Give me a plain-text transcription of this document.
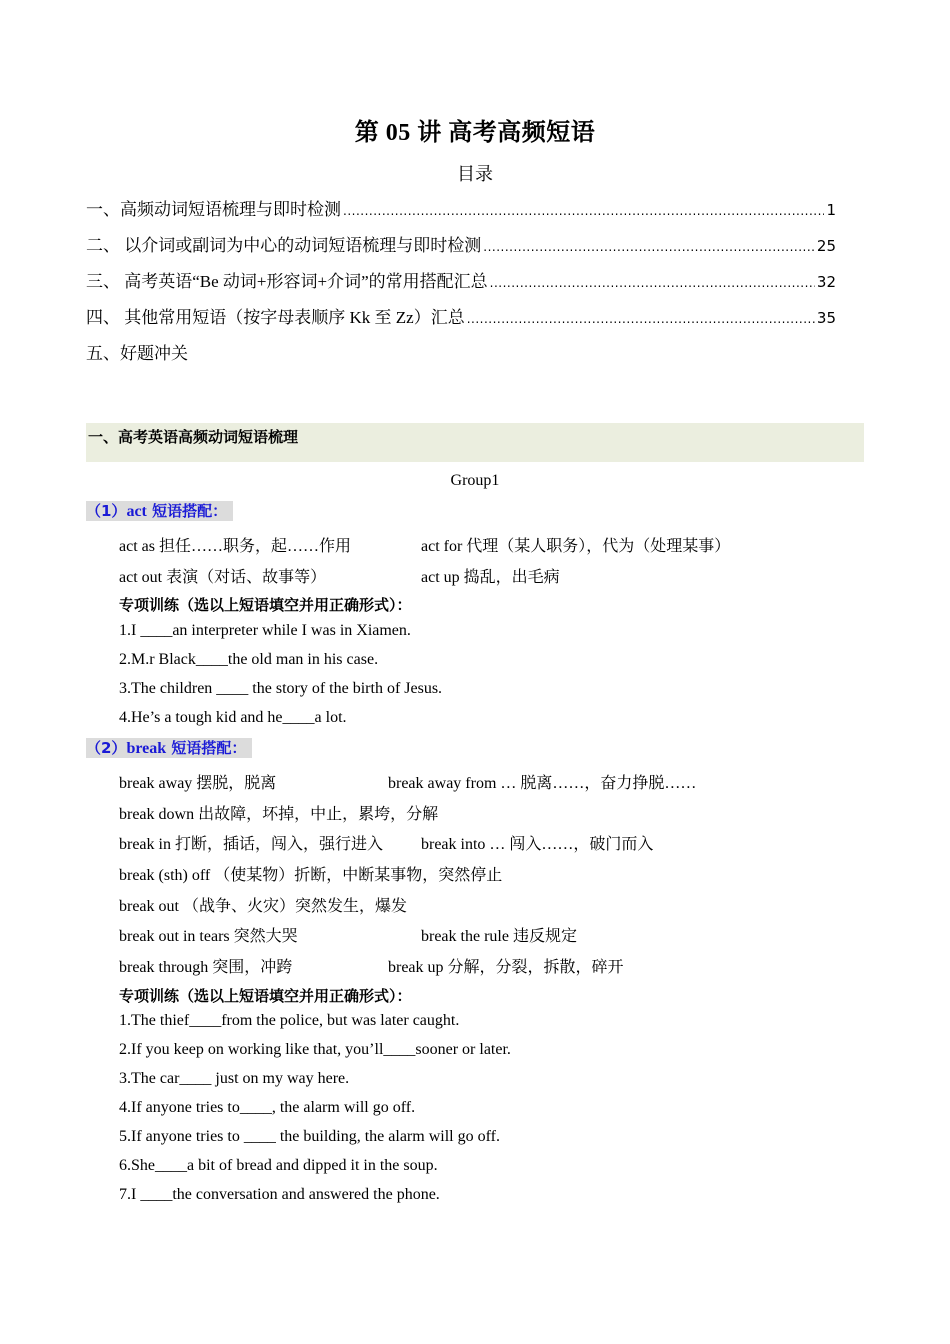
第 05 讲 高考高频短语
目录
一、高频动词短语梳理与即时检测 .....	1
二、 以介词或副词为中心的动词短语梳理与即时检测 .....	25
三、 高考英语“Be 动词+形容词+介词”的常用搭配汇总 .....	32
四、 其他常用短语（按字母表顺序 Kk 至 Zz）汇总 .....	35
五、好题冲关
一、高考英语高频动词短语梳理
Group1
（1）act 短语搭配：
act as 担任……职务，起……作用	act for 代理（某人职务），代为（处理某事）
act out 表演（对话、故事等）	act up 捣乱，出毛病
专项训练（选以上短语填空并用正确形式）：
1.I ____an interpreter while I was in Xiamen.
2.M.r Black____the old man in his case.
3.The children ____ the story of the birth of Jesus.
4.He’s a tough kid and he____a lot.
（2）break 短语搭配：
break away 摆脱，脱离	break away from … 脱离……，奋力挣脱……
break down 出故障，坏掉，中止，累垮，分解
break in 打断，插话，闯入，强行进入 break into … 闯入……，破门而入
break (sth) off （使某物）折断，中断某事物，突然停止
break out （战争、火灾）突然发生，爆发
break out in tears 突然大哭	break the rule 违反规定
break through 突围，冲跨	break up 分解，分裂，拆散，碎开
专项训练（选以上短语填空并用正确形式）：
1.The thief____from the police, but was later caught.
2.If you keep on working like that, you’ll____sooner or later.
3.The car____ just on my way here.
4.If anyone tries to____, the alarm will go off.
5.If anyone tries to ____ the building, the alarm will go off.
6.She____a bit of bread and dipped it in the soup.
7.I ____the conversation and answered the phone.
